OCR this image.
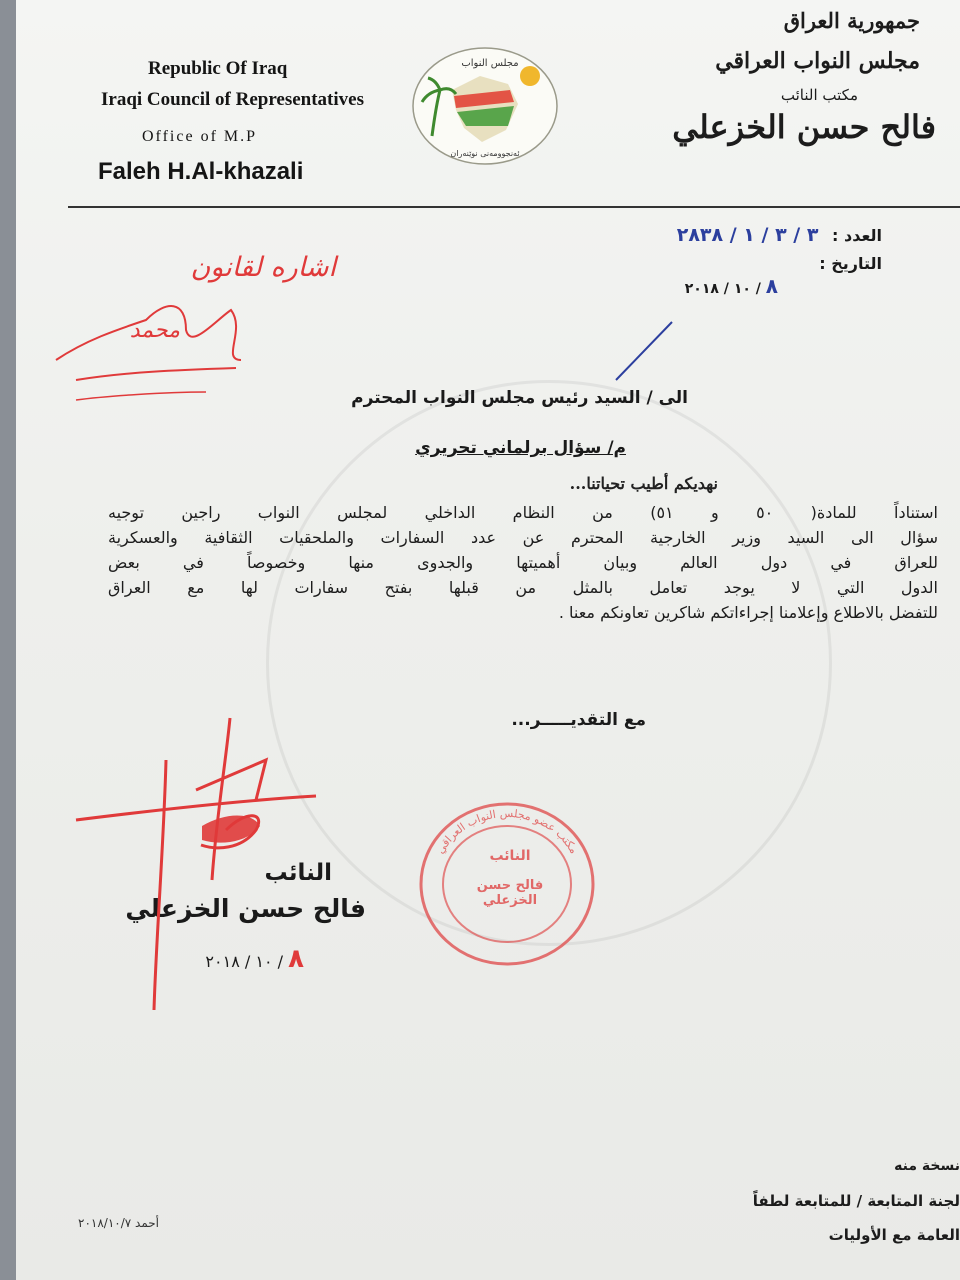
Republic Of Iraq
Iraqi Council of Representatives
Office of M.P
Faleh H.Al-khazali
مجلس النواب
ئەنجوومەنی نوێنەران
جمهورية العراق
مجلس النواب العراقي
مكتب النائب
فالح حسن الخزعلي
العدد : ٣ / ٣ / ١ / ٢٨٣٨
التاريخ :
٨ / ١٠ / ٢٠١٨
اشاره لقانون
محمد
الى / السيد رئيس مجلس النواب المحترم
م/ سؤال برلماني تحريري
نهديكم أطيب تحياتنا...
استناداً للمادة( ٥٠ و ٥١) من النظام الداخلي لمجلس النواب راجين توجيه
سؤال الى السيد وزير الخارجية المحترم عن عدد السفارات والملحقيات الثقافية والعسكرية
للعراق في دول العالم وبيان أهميتها والجدوى منها وخصوصاً في بعض
الدول التي لا يوجد تعامل بالمثل من قبلها بفتح سفارات لها مع العراق
للتفضل بالاطلاع وإعلامنا إجراءاتكم شاكرين تعاونكم معنا .
مع التقديـــــر...
مكتب عضو مجلس النواب العراقي
النائب
فالح حسن الخزعلي
النائب
فالح حسن الخزعلي
٨ / ١٠ / ٢٠١٨
نسخة منه
لجنة المتابعة / للمتابعة لطفاً
العامة مع الأوليات
أحمد ٢٠١٨/١٠/٧
